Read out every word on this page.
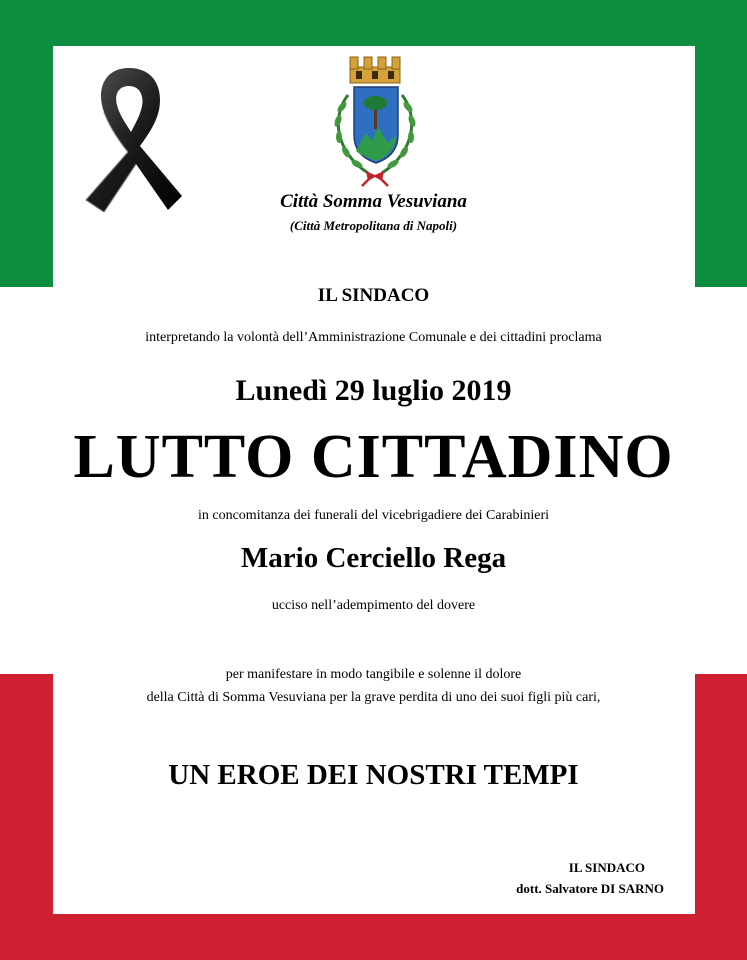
Città Somma Vesuviana
(Città Metropolitana di Napoli)
IL SINDACO
interpretando la volontà dell’Amministrazione Comunale e dei cittadini proclama
Lunedì 29 luglio 2019
LUTTO CITTADINO
in concomitanza dei funerali del vicebrigadiere dei Carabinieri
Mario Cerciello Rega
ucciso nell’adempimento del dovere
per manifestare in modo tangibile e solenne il dolore
della Città di Somma Vesuviana per la grave perdita di uno dei suoi figli più cari,
UN EROE DEI NOSTRI TEMPI
IL SINDACO
dott. Salvatore DI SARNO
